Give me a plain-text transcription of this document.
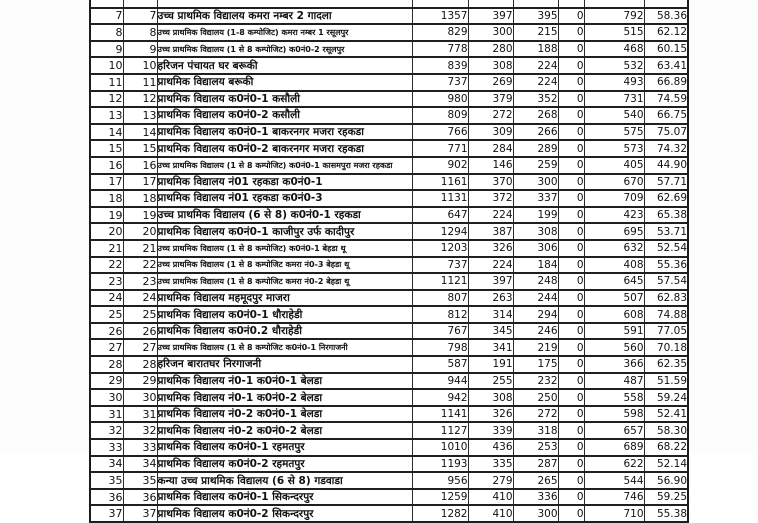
7	7	उच्च प्राथमिक विद्यालय कमरा नम्बर 2 गादला	1357	397	395	0	792	58.36
8	8	उच्च प्राथमिक विद्यालय (1-8 कम्पोजिट) कमरा नम्बर 1 रसूलपुर	829	300	215	0	515	62.12
9	9	उच्च प्राथमिक विद्यालय (1 से 8 कम्पोजिट) क0नं0-2 रसूलपुर	778	280	188	0	468	60.15
10	10	हरिजन पंचायत घर बरूकी	839	308	224	0	532	63.41
11	11	प्राथमिक विद्यालय बरूकी	737	269	224	0	493	66.89
12	12	प्राथमिक विद्यालय क0नं0-1 कसौली	980	379	352	0	731	74.59
13	13	प्राथमिक विद्यालय क0नं0-2 कसौली	809	272	268	0	540	66.75
14	14	प्राथमिक विद्यालय क0नं0-1 बाकरनगर मजरा रहकडा	766	309	266	0	575	75.07
15	15	प्राथमिक विद्यालय क0नं0-2 बाकरनगर मजरा रहकडा	771	284	289	0	573	74.32
16	16	उच्च प्राथमिक विद्यालय (1 से 8 कम्पोजिट) क0नं0-1 कासमपुरा मजरा रहकडा	902	146	259	0	405	44.90
17	17	प्राथमिक विद्यालय नं01 रहकडा क0नं0-1	1161	370	300	0	670	57.71
18	18	प्राथमिक विद्यालय नं01 रहकडा क0नं0-3	1131	372	337	0	709	62.69
19	19	उच्च प्राथमिक विद्यालय (6 से 8) क0नं0-1 रहकडा	647	224	199	0	423	65.38
20	20	प्राथमिक विद्यालय क0नं0-1 काजीपुर उर्फ कादीपुर	1294	387	308	0	695	53.71
21	21	उच्च प्राथमिक विद्यालय (1 से 8 कम्पोजिट) क0नं0-1 बेहडा थू	1203	326	306	0	632	52.54
22	22	उच्च प्राथमिक विद्यालय (1 से 8 कम्पोजिट कमरा नं0-3 बेहडा थू	737	224	184	0	408	55.36
23	23	उच्च प्राथमिक विद्यालय (1 से 8 कम्पोजिट कमरा नं0-2 बेहडा थू	1121	397	248	0	645	57.54
24	24	प्राथमिक विद्यालय महमूदपुर माजरा	807	263	244	0	507	62.83
25	25	प्राथमिक विद्यालय क0नं0-1 धौराहेडी	812	314	294	0	608	74.88
26	26	प्राथमिक विद्यालय क0नं0.2 धौराहेडी	767	345	246	0	591	77.05
27	27	उच्च प्राथमिक विद्यालय (1 से 8 कम्पोजिट क0नं0-1 निरगाजनी	798	341	219	0	560	70.18
28	28	हरिजन बारातघर निरगाजनी	587	191	175	0	366	62.35
29	29	प्राथमिक विद्यालय नं0-1 क0नं0-1 बेलडा	944	255	232	0	487	51.59
30	30	प्राथमिक विद्यालय नं0-1 क0नं0-2 बेलडा	942	308	250	0	558	59.24
31	31	प्राथमिक विद्यालय नं0-2 क0नं0-1 बेलडा	1141	326	272	0	598	52.41
32	32	प्राथमिक विद्यालय नं0-2 क0नं0-2 बेलडा	1127	339	318	0	657	58.30
33	33	प्राथमिक विद्यालय क0नं0-1 रहमतपुर	1010	436	253	0	689	68.22
34	34	प्राथमिक विद्यालय क0नं0-2 रहमतपुर	1193	335	287	0	622	52.14
35	35	कन्या उच्च प्राथमिक विद्यालय (6 से 8) गडवाडा	956	279	265	0	544	56.90
36	36	प्राथमिक विद्यालय क0नं0-1 सिकन्दरपुर	1259	410	336	0	746	59.25
37	37	प्राथमिक विद्यालय क0नं0-2 सिकन्दरपुर	1282	410	300	0	710	55.38
